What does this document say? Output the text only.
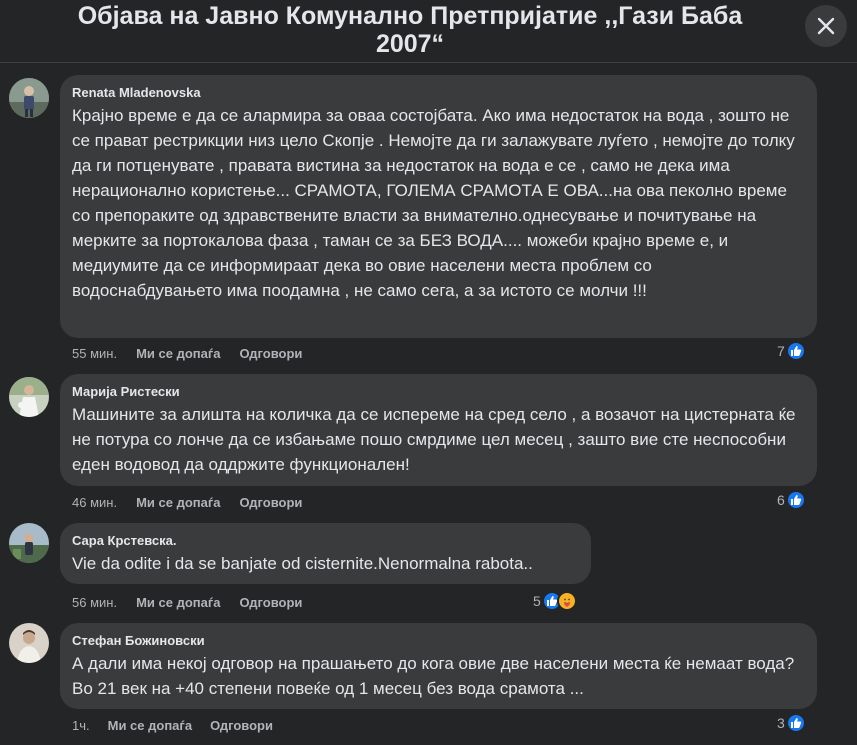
Објава на Јавно Комунално Претпријатие ,,Гази Баба
2007“
Renata Mladenovska
Крајно време е да се алармира за оваа состојбата. Ако има недостаток на вода , зошто не се прават рестрикции низ цело Скопје . Немојте да ги залажувате луѓето , немојте до толку да ги потценувате , правата вистина за недостаток на вода е се , само не дека има нерационално користење... СРАМОТА, ГОЛЕМА СРАМОТА Е ОВА...на ова пеколно време со препораките од здравствените власти за внимателно.однесување и почитување на мерките за портокалова фаза , таман се за БЕЗ ВОДА.... можеби крајно време е, и медиумите да се информираат дека во овие населени места проблем со водоснабдувањето има поодамна , не само сега, а за истото се молчи !!!
55 мин. Ми се допаѓа Одговори	7
Марија Ристески
Машините за алишта на количка да се испереме на сред село , а возачот на цистерната ќе не потура со лонче да се избањаме пошо смрдиме цел месец , зашто вие сте неспособни еден водовод да оддржите функционален!
46 мин. Ми се допаѓа Одговори	6
Сара Крстевска.
Vie da odite i da se banjate od cisternite.Nenormalna rabota..
56 мин. Ми се допаѓа Одговори	5
Стефан Божиновски
А дали има некој одговор на прашањето до кога овие две населени места ќе немаат вода? Во 21 век на +40 степени повеќе од 1 месец без вода срамота ...
1ч. Ми се допаѓа Одговори	3
